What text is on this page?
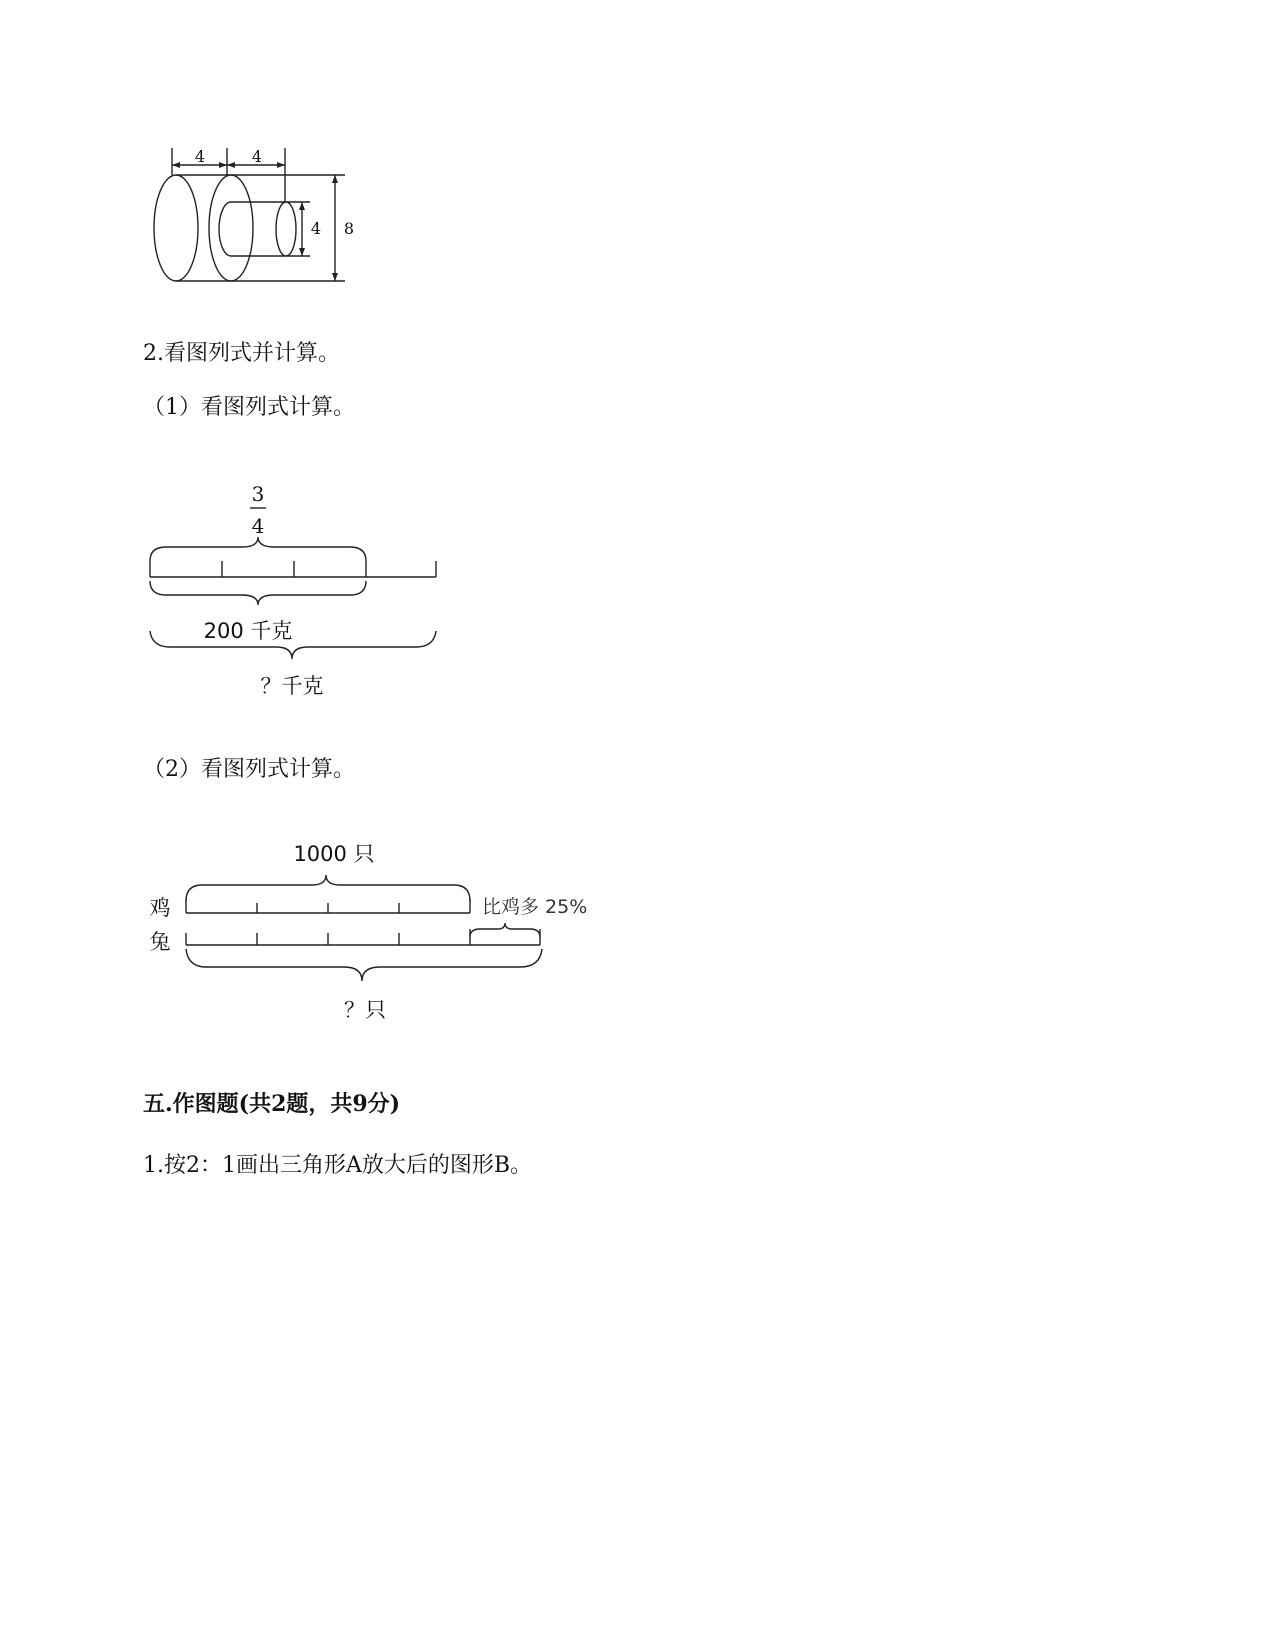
4	4
4 8
2.看图列式并计算。
（1）看图列式计算。
3
4
200 千克
？千克
（2）看图列式计算。
1000 只
鸡
兔
比鸡多 25%
？只
五.作图题(共2题，共9分)
1.按2：1画出三角形A放大后的图形B。
